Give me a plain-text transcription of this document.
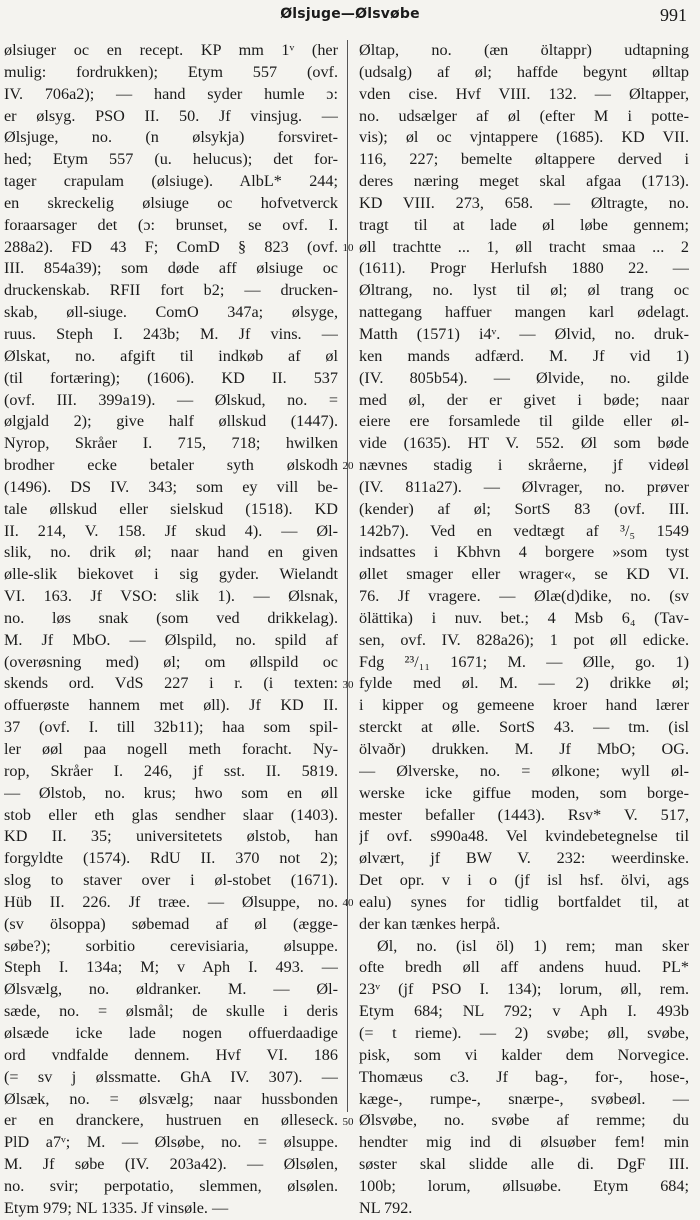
Ølsjuge—Ølsvøbe	991
ølsiuger oc en recept. KP mm 1ᵛ (her
mulig: fordrukken); Etym 557 (ovf.
IV. 706a2); — hand syder humle ɔ:
er ølsyg. PSO II. 50. Jf vinsjug. —
Ølsjuge, no. (n ølsykja) forsviret-
hed; Etym 557 (u. helucus); det for-
tager crapulam (ølsiuge). AlbL* 244;
en skreckelig ølsiuge oc hofvetverck
foraarsager det (ɔ: brunset, se ovf. I.
288a2). FD 43 F; ComD § 823 (ovf.
III. 854a39); som døde aff ølsiuge oc
druckenskab. RFII fort b2; — drucken-
skab, øll-siuge. ComO 347a; ølsyge,
ruus. Steph I. 243b; M. Jf vins. —
Ølskat, no. afgift til indkøb af øl
(til fortæring); (1606). KD II. 537
(ovf. III. 399a19). — Ølskud, no. =
ølgjald 2); give half øllskud (1447).
Nyrop, Skråer I. 715, 718; hwilken
brodher ecke betaler syth ølskodh
(1496). DS IV. 343; som ey vill be-
tale øllskud eller sielskud (1518). KD
II. 214, V. 158. Jf skud 4). — Øl-
slik, no. drik øl; naar hand en given
ølle-slik biekovet i sig gyder. Wielandt
VI. 163. Jf VSO: slik 1). — Ølsnak,
no. løs snak (som ved drikkelag).
M. Jf MbO. — Ølspild, no. spild af
(overøsning med) øl; om øllspild oc
skends ord. VdS 227 i r. (i texten:
offuerøste hannem met øll). Jf KD II.
37 (ovf. I. till 32b11); haa som spil-
ler øøl paa nogell meth foracht. Ny-
rop, Skråer I. 246, jf sst. II. 5819.
— Ølstob, no. krus; hwo som en øll
stob eller eth glas sendher slaar (1403).
KD II. 35; universitetets ølstob, han
forgyldte (1574). RdU II. 370 not 2);
slog to staver over i øl-stobet (1671).
Hüb II. 226. Jf træe. — Ølsuppe, no.
(sv ölsoppa) søbemad af øl (ægge-
søbe?); sorbitio cerevisiaria, ølsuppe.
Steph I. 134a; M; v Aph I. 493. —
Ølsvælg, no. øldranker. M. — Øl-
sæde, no. = ølsmål; de skulle i deris
ølsæde icke lade nogen offuerdaadige
ord vndfalde dennem. Hvf VI. 186
(= sv j ølssmatte. GhA IV. 307). —
Ølsæk, no. = ølsvælg; naar hussbonden
er en dranckere, hustruen en ølleseck.
PlD a7ᵛ; M. — Ølsøbe, no. = ølsuppe.
M. Jf søbe (IV. 203a42). — Ølsølen,
no. svir; perpotatio, slemmen, ølsølen.
Etym 979; NL 1335. Jf vinsøle. —
10
20
30
40
50
Øltap, no. (æn öltappr) udtapning
(udsalg) af øl; haffde begynt ølltap
vden cise. Hvf VIII. 132. — Øltapper,
no. udsælger af øl (efter M i potte-
vis); øl oc vjntappere (1685). KD VII.
116, 227; bemelte øltappere derved i
deres næring meget skal afgaa (1713).
KD VIII. 273, 658. — Øltragte, no.
tragt til at lade øl løbe gennem;
øll trachtte ... 1, øll tracht smaa ... 2
(1611). Progr Herlufsh 1880 22. —
Øltrang, no. lyst til øl; øl trang oc
nattegang haffuer mangen karl ødelagt.
Matth (1571) i4ᵛ. — Ølvid, no. druk-
ken mands adfærd. M. Jf vid 1)
(IV. 805b54). — Ølvide, no. gilde
med øl, der er givet i bøde; naar
eiere ere forsamlede til gilde eller øl-
vide (1635). HT V. 552. Øl som bøde
nævnes stadig i skråerne, jf videøl
(IV. 811a27). — Ølvrager, no. prøver
(kender) af øl; SortS 83 (ovf. III.
142b7). Ved en vedtægt af ³/₅ 1549
indsattes i Kbhvn 4 borgere »som tyst
øllet smager eller wrager«, se KD VI.
76. Jf vragere. — Ølæ(d)dike, no. (sv
ölättika) i nuv. bet.; 4 Msb 6₄ (Tav-
sen, ovf. IV. 828a26); 1 pot øll edicke.
Fdg ²³/₁₁ 1671; M. — Ølle, go. 1)
fylde med øl. M. — 2) drikke øl;
i kipper og gemeene kroer hand lærer
sterckt at ølle. SortS 43. — tm. (isl
ölvaðr) drukken. M. Jf MbO; OG.
— Ølverske, no. = ølkone; wyll øl-
werske icke giffue moden, som borge-
mester befaller (1443). Rsv* V. 517,
jf ovf. s990a48. Vel kvindebetegnelse til
ølvært, jf BW V. 232: weerdinske.
Det opr. v i o (jf isl hsf. ölvi, ags
ealu) synes for tidlig bortfaldet til, at
der kan tænkes herpå.
Øl, no. (isl öl) 1) rem; man sker
ofte bredh øll aff andens huud. PL*
23ᵛ (jf PSO I. 134); lorum, øll, rem.
Etym 684; NL 792; v Aph I. 493b
(= t rieme). — 2) svøbe; øll, svøbe,
pisk, som vi kalder dem Norvegice.
Thomæus c3. Jf bag-, for-, hose-,
kæge-, rumpe-, snærpe-, svøbeøl. —
Ølsvøbe, no. svøbe af remme; du
hendter mig ind di ølsuøber fem! min
søster skal slidde alle di. DgF III.
100b; lorum, øllsuøbe. Etym 684;
NL 792.
